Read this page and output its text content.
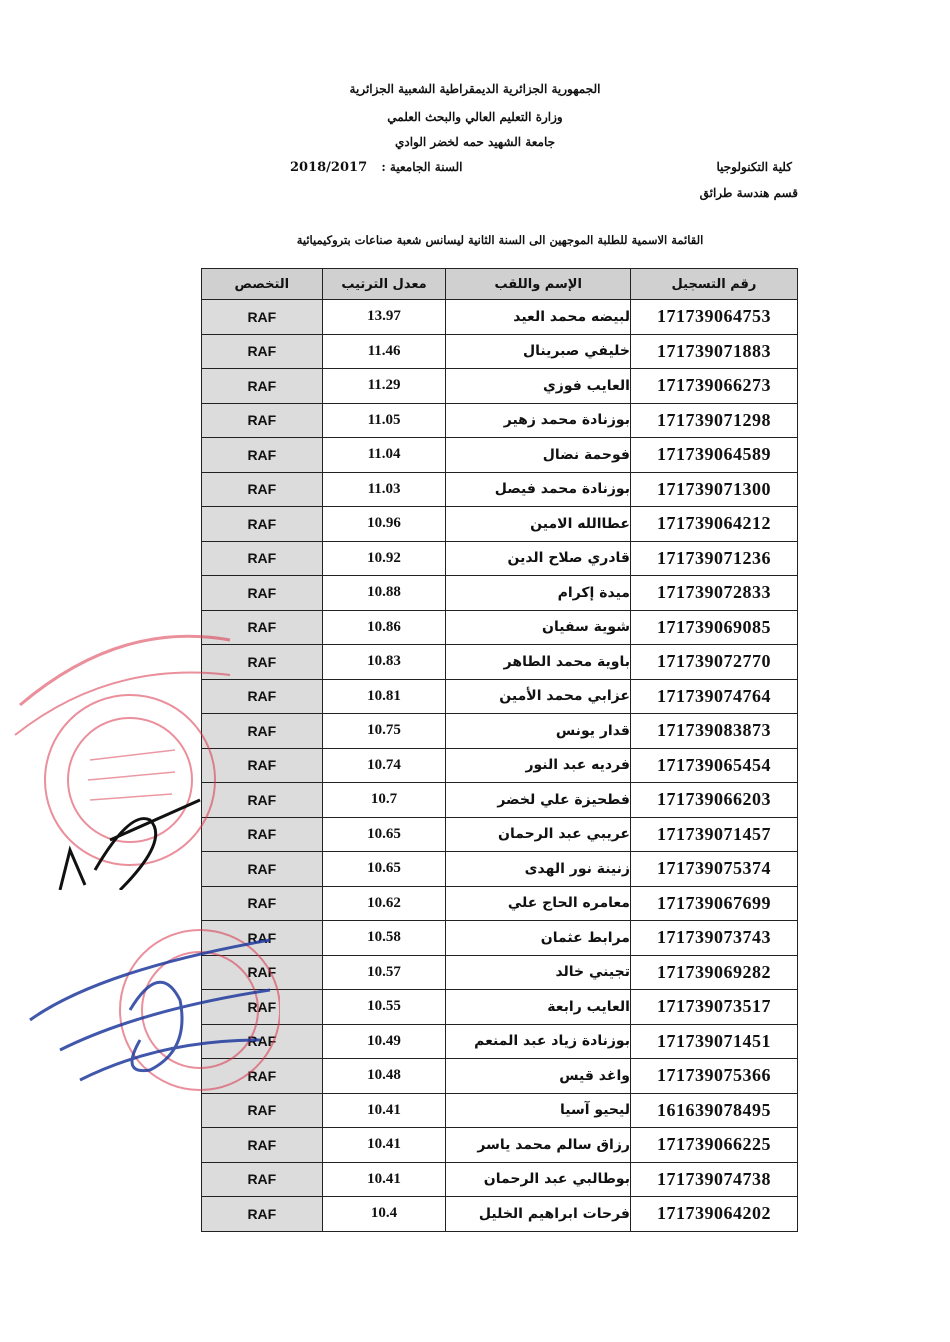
الجمهورية الجزائرية الديمقراطية الشعبية الجزائرية
وزارة التعليم العالي والبحث العلمي
جامعة الشهيد حمه لخضر الوادي
كلية التكنولوجيا
قسم هندسة طرائق
السنة الجامعية : 2018/2017
القائمة الاسمية للطلبة الموجهين الى السنة الثانية ليسانس شعبة صناعات بتروكيميائية
رقم التسجيل	الإسم واللقب	معدل الترتيب	التخصص
171739064753	لبيضه محمد العيد	13.97	RAF
171739071883	خليفي صبرينال	11.46	RAF
171739066273	العايب فوزي	11.29	RAF
171739071298	بوزنادة محمد زهير	11.05	RAF
171739064589	فوحمة نضال	11.04	RAF
171739071300	بوزنادة محمد فيصل	11.03	RAF
171739064212	عطاالله الامين	10.96	RAF
171739071236	قادري صلاح الدين	10.92	RAF
171739072833	ميدة إكرام	10.88	RAF
171739069085	شوية سفيان	10.86	RAF
171739072770	باوية محمد الطاهر	10.83	RAF
171739074764	عزابي محمد الأمين	10.81	RAF
171739083873	قدار يونس	10.75	RAF
171739065454	فرديه عبد النور	10.74	RAF
171739066203	فطحيزة علي لخضر	10.7	RAF
171739071457	عريبي عبد الرحمان	10.65	RAF
171739075374	زنينة نور الهدى	10.65	RAF
171739067699	معامره الحاج علي	10.62	RAF
171739073743	مرابط عثمان	10.58	RAF
171739069282	تجيني خالد	10.57	RAF
171739073517	العايب رابعة	10.55	RAF
171739071451	بوزنادة زياد عبد المنعم	10.49	RAF
171739075366	واغد قيس	10.48	RAF
161639078495	ليحيو آسيا	10.41	RAF
171739066225	رزاق سالم محمد ياسر	10.41	RAF
171739074738	بوطالبي عبد الرحمان	10.41	RAF
171739064202	فرحات ابراهيم الخليل	10.4	RAF
